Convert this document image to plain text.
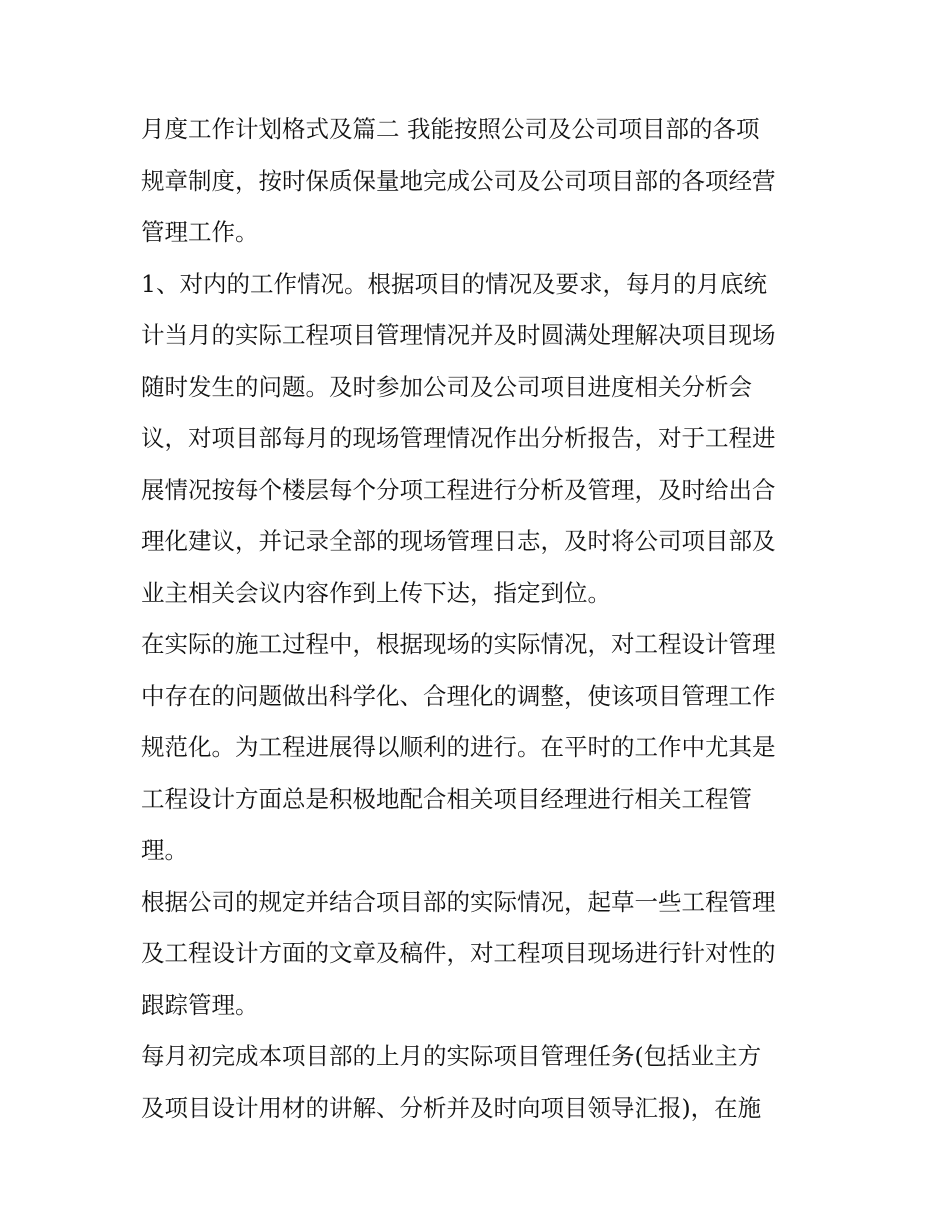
月度工作计划格式及篇二 我能按照公司及公司项目部的各项
规章制度，按时保质保量地完成公司及公司项目部的各项经营
管理工作。
1、对内的工作情况。根据项目的情况及要求，每月的月底统
计当月的实际工程项目管理情况并及时圆满处理解决项目现场
随时发生的问题。及时参加公司及公司项目进度相关分析会
议，对项目部每月的现场管理情况作出分析报告，对于工程进
展情况按每个楼层每个分项工程进行分析及管理，及时给出合
理化建议，并记录全部的现场管理日志，及时将公司项目部及
业主相关会议内容作到上传下达，指定到位。
在实际的施工过程中，根据现场的实际情况，对工程设计管理
中存在的问题做出科学化、合理化的调整，使该项目管理工作
规范化。为工程进展得以顺利的进行。在平时的工作中尤其是
工程设计方面总是积极地配合相关项目经理进行相关工程管
理。
根据公司的规定并结合项目部的实际情况，起草一些工程管理
及工程设计方面的文章及稿件，对工程项目现场进行针对性的
跟踪管理。
每月初完成本项目部的上月的实际项目管理任务(包括业主方
及项目设计用材的讲解、分析并及时向项目领导汇报)，在施
